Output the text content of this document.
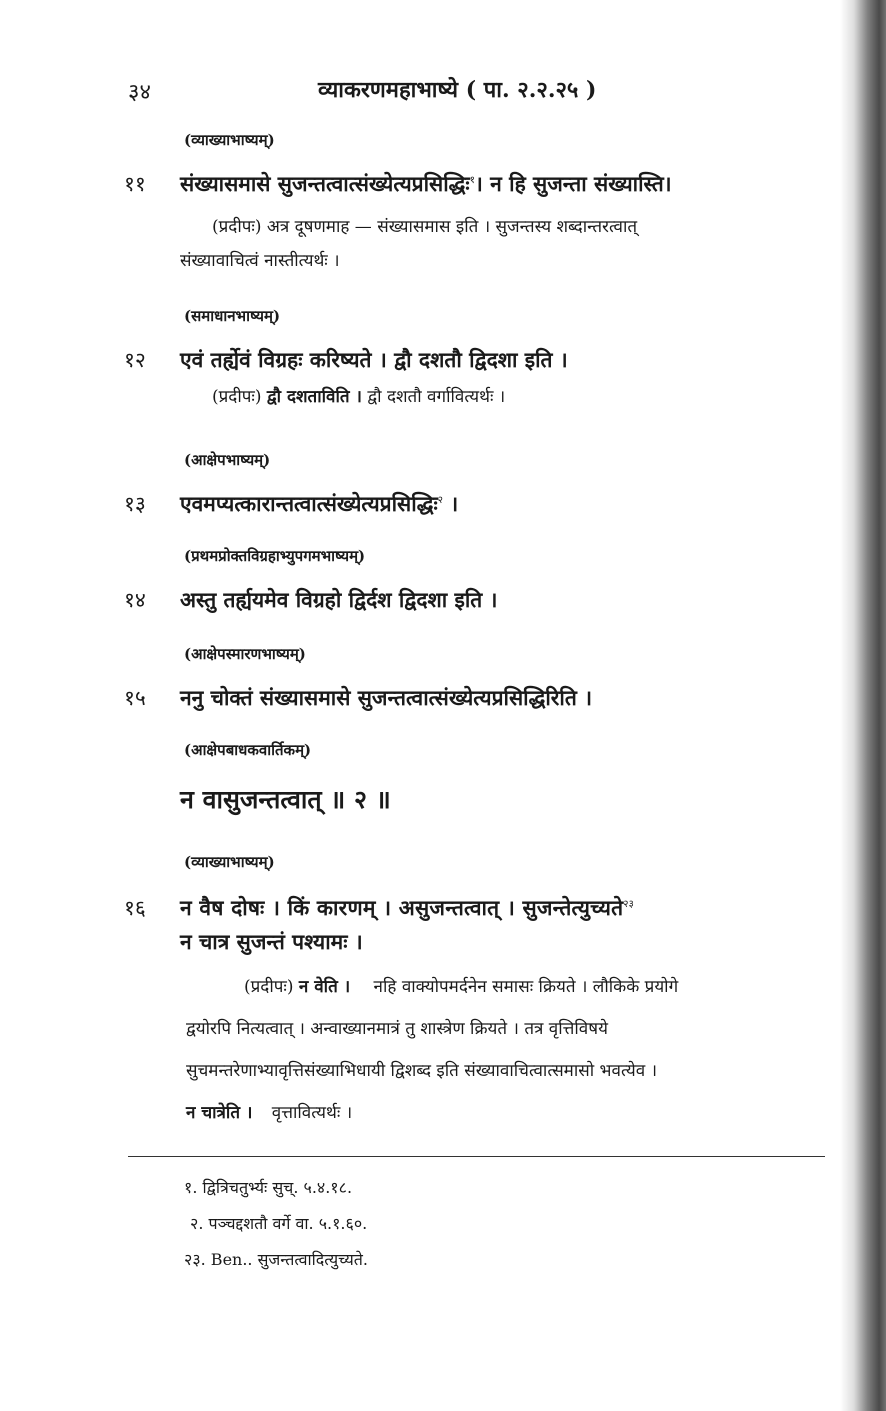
३४	व्याकरणमहाभाष्ये ( पा. २.२.२५ )
(व्याख्याभाष्यम्)
११ संख्यासमासे सुजन्तत्वात्संख्येत्यप्रसिद्धिः$^१$। न हि सुजन्ता संख्यास्ति।
(प्रदीपः) अत्र दूषणमाह — संख्यासमास इति । सुजन्तस्य शब्दान्तरत्वात्
संख्यावाचित्वं नास्तीत्यर्थः ।
(समाधानभाष्यम्)
१२ एवं तर्ह्येवं विग्रहः करिष्यते । द्वौ दशतौ द्विदशा इति ।
(प्रदीपः) द्वौ दशताविति । द्वौ दशतौ वर्गावित्यर्थः ।
(आक्षेपभाष्यम्)
१३ एवमप्यत्कारान्तत्वात्संख्येत्यप्रसिद्धिः$^२$ ।
(प्रथमप्रोक्तविग्रहाभ्युपगमभाष्यम्)
१४ अस्तु तर्ह्ययमेव विग्रहो द्विर्दश द्विदशा इति ।
(आक्षेपस्मारणभाष्यम्)
१५ ननु चोक्तं संख्यासमासे सुजन्तत्वात्संख्येत्यप्रसिद्धिरिति ।
(आक्षेपबाधकवार्तिकम्)
न वासुजन्तत्वात् ॥ २ ॥
(व्याख्याभाष्यम्)
१६ न वैष दोषः । किं कारणम् । असुजन्तत्वात् । सुजन्तेत्युच्यते$^{२३}$
न चात्र सुजन्तं पश्यामः ।
(प्रदीपः) न वेति । नहि वाक्योपमर्दनेन समासः क्रियते । लौकिके प्रयोगे
द्वयोरपि नित्यत्वात् । अन्वाख्यानमात्रं तु शास्त्रेण क्रियते । तत्र वृत्तिविषये
सुचमन्तरेणाभ्यावृत्तिसंख्याभिधायी द्विशब्द इति संख्यावाचित्वात्समासो भवत्येव ।
न चात्रेति । वृत्तावित्यर्थः ।
१. द्वित्रिचतुर्भ्यः सुच्. ५.४.१८.
२. पञ्चद्दशतौ वर्गे वा. ५.१.६०.
२३. Ben.. सुजन्तत्वादित्युच्यते.
